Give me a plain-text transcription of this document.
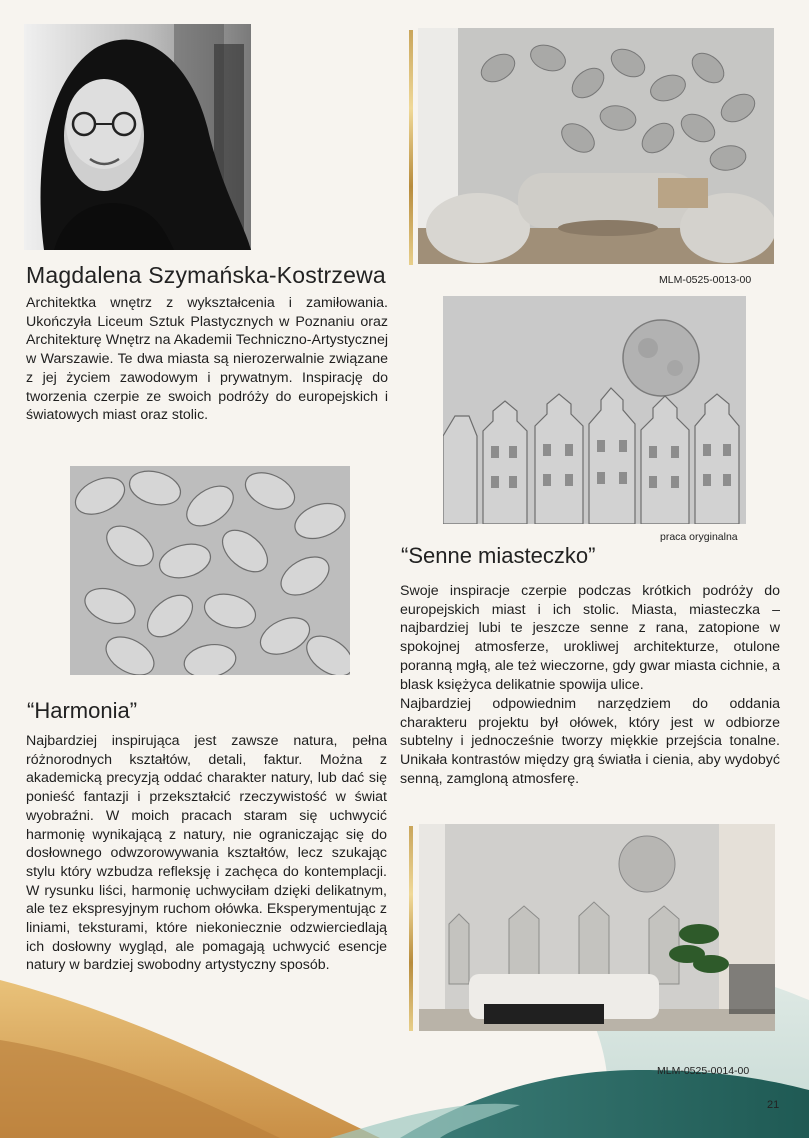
MLM-0525-0013-00
Magdalena Szymańska-Kostrzewa

Architektka wnętrz z wykształcenia i zamiłowania. Ukończyła Liceum Sztuk Plastycznych w Poznaniu oraz Architekturę Wnętrz na Akademii Techniczno-Artystycznej w Warszawie. Te dwa miasta są nierozerwalnie związane z jej życiem zawodowym i prywatnym. Inspirację do tworzenia czerpie ze swoich podróży do europejskich i światowych miast oraz stolic.

praca oryginalna
“Senne miasteczko”

Swoje inspiracje czerpie podczas krótkich podróży do europejskich miast i ich stolic. Miasta, miasteczka – najbardziej lubi te jeszcze senne z rana, zatopione w spokojnej atmosferze, urokliwej architekturze, otulone poranną mgłą, ale też wieczorne, gdy gwar miasta cichnie, a blask księżyca delikatnie spowija ulice.

Najbardziej odpowiednim narzędziem do oddania charakteru projektu był ołówek, który jest w odbiorze subtelny i jednocześnie tworzy miękkie przejścia tonalne. Unikała kontrastów między grą światła i cienia, aby wydobyć senną, zamgloną atmosferę.

“Harmonia”

Najbardziej inspirująca jest zawsze natura, pełna różnorodnych kształtów, detali, faktur. Można z akademicką precyzją oddać charakter natury, lub dać się ponieść fantazji i przekształcić rzeczywistość w świat wyobraźni. W moich pracach staram się uchwycić harmonię wynikającą z natury, nie ograniczając się do dosłownego odwzorowywania kształtów, lecz szukając stylu który wzbudza refleksję i zachęca do kontemplacji. W rysunku liści, harmonię uchwyciłam dzięki delikatnym, ale tez ekspresyjnym ruchom ołówka. Eksperymentując z liniami, teksturami, które niekoniecznie odzwierciedlają ich dosłowny wygląd, ale pomagają uchwycić esencje natury w bardziej swobodny artystyczny sposób.

MLM-0525-0014-00
21
